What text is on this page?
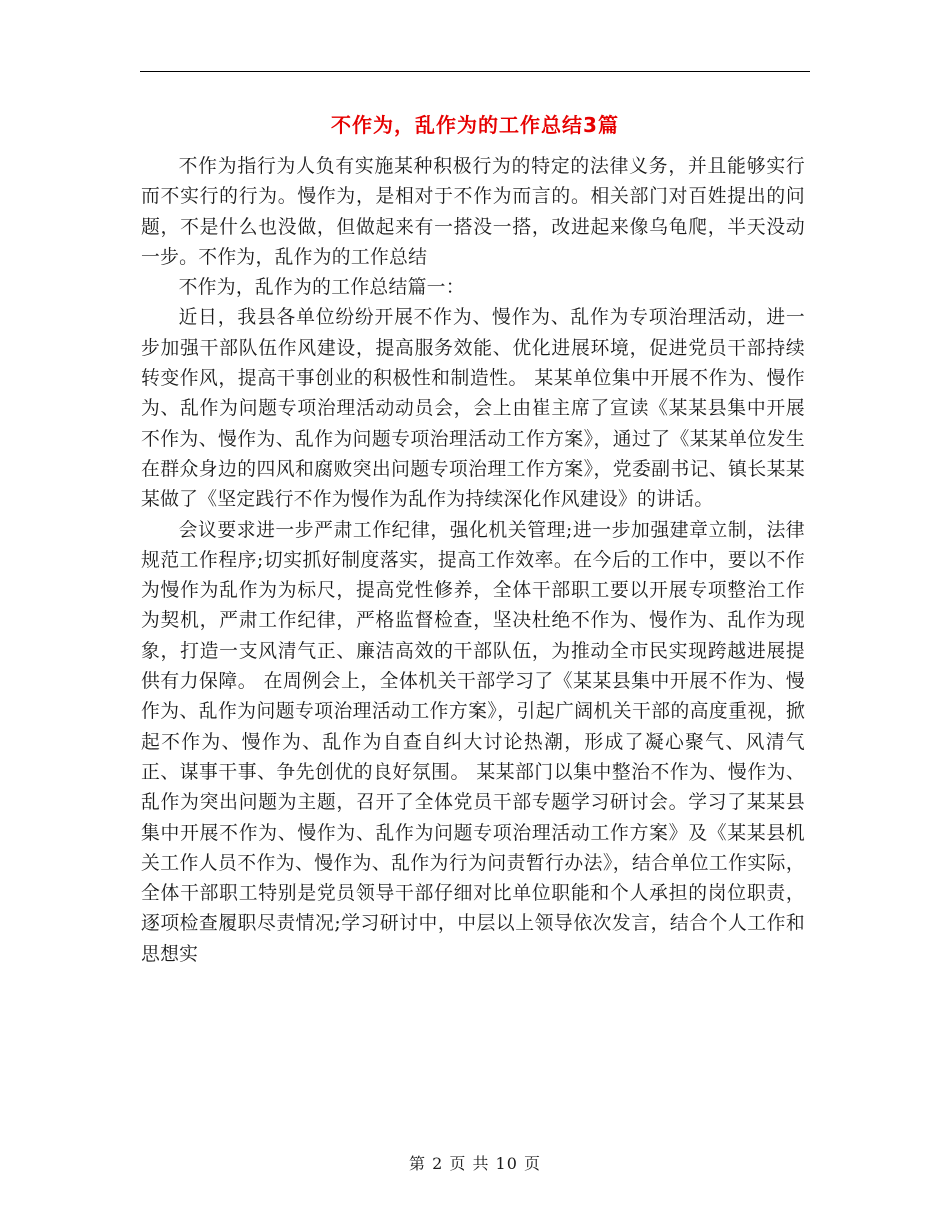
不作为，乱作为的工作总结3篇

不作为指行为人负有实施某种积极行为的特定的法律义务，并且能够实行而不实行的行为。慢作为，是相对于不作为而言的。相关部门对百姓提出的问题，不是什么也没做，但做起来有一搭没一搭，改进起来像乌龟爬，半天没动一步。不作为，乱作为的工作总结

不作为，乱作为的工作总结篇一：

近日，我县各单位纷纷开展不作为、慢作为、乱作为专项治理活动，进一步加强干部队伍作风建设，提高服务效能、优化进展环境，促进党员干部持续转变作风，提高干事创业的积极性和制造性。 某某单位集中开展不作为、慢作为、乱作为问题专项治理活动动员会，会上由崔主席了宣读《某某县集中开展不作为、慢作为、乱作为问题专项治理活动工作方案》，通过了《某某单位发生在群众身边的四风和腐败突出问题专项治理工作方案》，党委副书记、镇长某某某做了《坚定践行不作为慢作为乱作为持续深化作风建设》的讲话。

会议要求进一步严肃工作纪律，强化机关管理;进一步加强建章立制，法律规范工作程序;切实抓好制度落实，提高工作效率。在今后的工作中，要以不作为慢作为乱作为为标尺，提高党性修养，全体干部职工要以开展专项整治工作为契机，严肃工作纪律，严格监督检查，坚决杜绝不作为、慢作为、乱作为现象，打造一支风清气正、廉洁高效的干部队伍，为推动全市民实现跨越进展提供有力保障。 在周例会上，全体机关干部学习了《某某县集中开展不作为、慢作为、乱作为问题专项治理活动工作方案》，引起广阔机关干部的高度重视，掀起不作为、慢作为、乱作为自查自纠大讨论热潮，形成了凝心聚气、风清气正、谋事干事、争先创优的良好氛围。 某某部门以集中整治不作为、慢作为、乱作为突出问题为主题，召开了全体党员干部专题学习研讨会。学习了某某县集中开展不作为、慢作为、乱作为问题专项治理活动工作方案》及《某某县机关工作人员不作为、慢作为、乱作为行为问责暂行办法》，结合单位工作实际，全体干部职工特别是党员领导干部仔细对比单位职能和个人承担的岗位职责，逐项检查履职尽责情况;学习研讨中，中层以上领导依次发言，结合个人工作和思想实

第 2 页 共 10 页
